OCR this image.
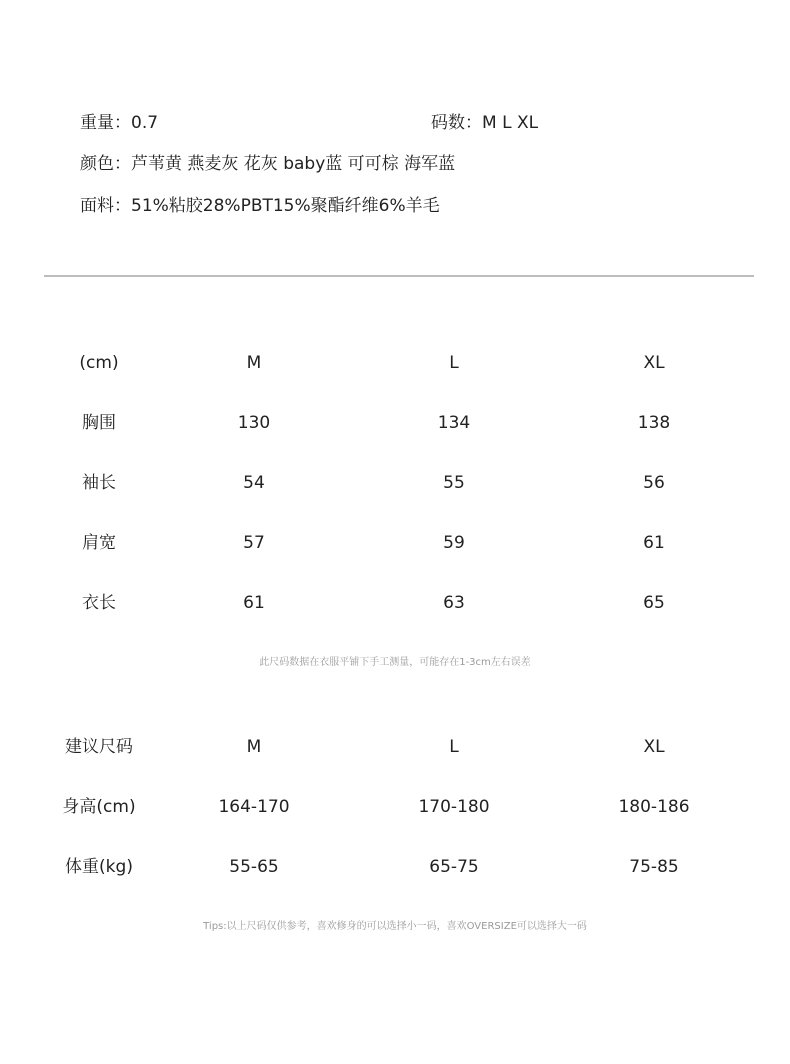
重量：0.7	码数：M L XL
颜色：芦苇黄 燕麦灰 花灰 baby蓝 可可棕 海军蓝
面料：51%粘胶28%PBT15%聚酯纤维6%羊毛
(cm)	M	L	XL
胸围	130	134	138
袖长	54	55	56
肩宽	57	59	61
衣长	61	63	65
此尺码数据在衣服平铺下手工测量，可能存在1-3cm左右误差
建议尺码	M	L	XL
身高(cm)	164-170	170-180	180-186
体重(kg)	55-65	65-75	75-85
Tips:以上尺码仅供参考，喜欢修身的可以选择小一码，喜欢OVERSIZE可以选择大一码
